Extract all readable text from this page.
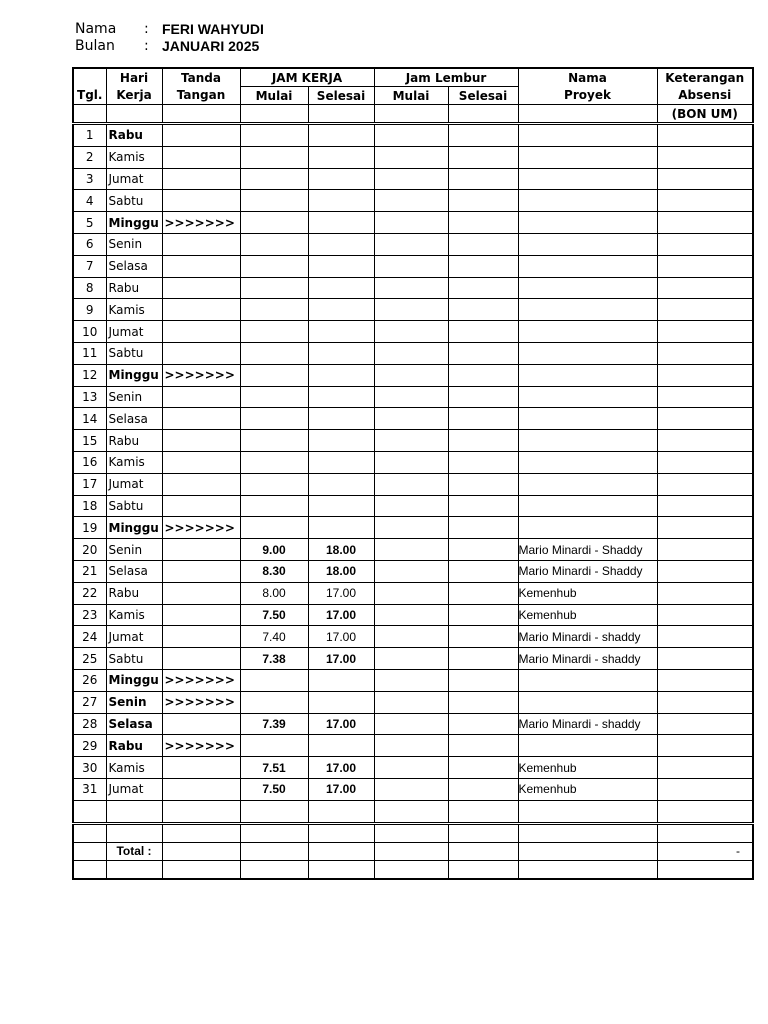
Nama	: FERI WAHYUDI
Bulan	: JANUARI 2025
	Hari	Tanda	JAM KERJA		Jam Lembur		Nama	Keterangan
Tgl.	Kerja	Tangan	Mulai	Selesai	Mulai	Selesai	Proyek	Absensi
								(BON UM)
1	Rabu							
2	Kamis							
3	Jumat							
4	Sabtu							
5	Minggu	>>>>>>>						
6	Senin							
7	Selasa							
8	Rabu							
9	Kamis							
10	Jumat							
11	Sabtu							
12	Minggu	>>>>>>>						
13	Senin							
14	Selasa							
15	Rabu							
16	Kamis							
17	Jumat							
18	Sabtu							
19	Minggu	>>>>>>>						
20	Senin		9.00	18.00			Mario Minardi - Shaddy	
21	Selasa		8.30	18.00			Mario Minardi - Shaddy	
22	Rabu		8.00	17.00			Kemenhub	
23	Kamis		7.50	17.00			Kemenhub	
24	Jumat		7.40	17.00			Mario Minardi - shaddy	
25	Sabtu		7.38	17.00			Mario Minardi - shaddy	
26	Minggu	>>>>>>>						
27	Senin	>>>>>>>						
28	Selasa		7.39	17.00			Mario Minardi - shaddy	
29	Rabu	>>>>>>>						
30	Kamis		7.51	17.00			Kemenhub	
31	Jumat		7.50	17.00			Kemenhub	

	Total :							-
